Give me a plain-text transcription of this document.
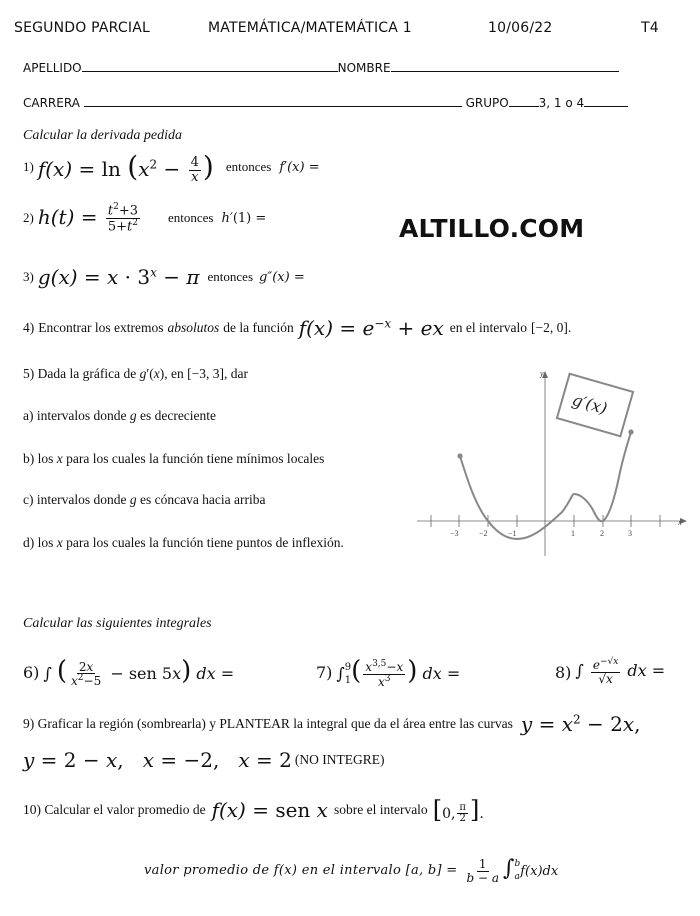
SEGUNDO PARCIAL	MATEMÁTICA/MATEMÁTICA 1	10/06/22	T4
APELLIDO	NOMBRE
CARRERA	GRUPO	3, 1 o 4
Calcular la derivada pedida
1) $f(x) = \ln (x^2 - \frac{4}{x}$ ) entonces f′(x) =
2) $h(t) = \frac{t^2+3}{5+t^2}$ entonces h′(1) =	ALTILLO.COM
3) $g(x) = x \cdot 3^x - \pi$ entonces g″(x) =
4) Encontrar los extremos absolutos de la función $f(x) = e^{-x}$ + ex en el intervalo [−2, 0].
5) Dada la gráfica de g′(x), en [−3, 3], dar
a) intervalos donde g es decreciente
b) los x para los cuales la función tiene mínimos locales
c) intervalos donde g es cóncava hacia arriba
d) los x para los cuales la función tiene puntos de inflexión.
−3	−2	−1	1	2	3
y
x
g′(x)
Calcular las siguientes integrales
6) ∫ ( $\frac{2x}{x^2-5}$ − sen 5x) dx =	7) ∫ 9
1 ( $\frac{x^{3,5}-x}{x^3}$ ) dx =	8) ∫ $\frac{e^{-√x}}{√x}$ dx =
9) Graficar la región (sombrearla) y PLANTEAR la integral que da el área entre las curvas $y = x^2 - 2x$,
y = 2 − x,   x = −2,   x = 2 (NO INTEGRE)
10) Calcular el valor promedio de f(x) = sen x sobre el intervalo [0, $\frac{\pi}{2}$ ].
valor promedio de f(x) en el intervalo [a, $b] = \frac{1}{b - a}$ ∫ b
a f(x)dx
